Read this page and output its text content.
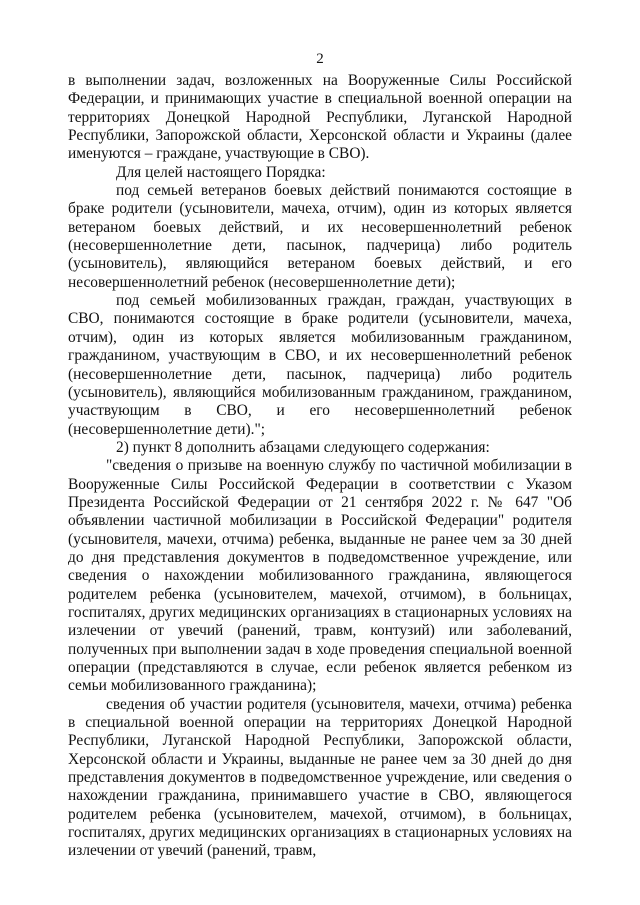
2

в выполнении задач, возложенных на Вооруженные Силы Российской Федерации, и принимающих участие в специальной военной операции на территориях Донецкой Народной Республики, Луганской Народной Республики, Запорожской области, Херсонской области и Украины (далее именуются – граждане, участвующие в СВО).

Для целей настоящего Порядка:

под семьей ветеранов боевых действий понимаются состоящие в браке родители (усыновители, мачеха, отчим), один из которых является ветераном боевых действий, и их несовершеннолетний ребенок (несовершеннолетние дети, пасынок, падчерица) либо родитель (усыновитель), являющийся ветераном боевых действий, и его несовершеннолетний ребенок (несовершеннолетние дети);

под семьей мобилизованных граждан, граждан, участвующих в СВО, понимаются состоящие в браке родители (усыновители, мачеха, отчим), один из которых является мобилизованным гражданином, гражданином, участвующим в СВО, и их несовершеннолетний ребенок (несовершеннолетние дети, пасынок, падчерица) либо родитель (усыновитель), являющийся мобилизованным гражданином, гражданином, участвующим в СВО, и его несовершеннолетний ребенок (несовершеннолетние дети).";

2) пункт 8 дополнить абзацами следующего содержания:

"сведения о призыве на военную службу по частичной мобилизации в Вооруженные Силы Российской Федерации в соответствии с Указом Президента Российской Федерации от 21 сентября 2022 г. № 647 "Об объявлении частичной мобилизации в Российской Федерации" родителя (усыновителя, мачехи, отчима) ребенка, выданные не ранее чем за 30 дней до дня представления документов в подведомственное учреждение, или сведения о нахождении мобилизованного гражданина, являющегося родителем ребенка (усыновителем, мачехой, отчимом), в больницах, госпиталях, других медицинских организациях в стационарных условиях на излечении от увечий (ранений, травм, контузий) или заболеваний, полученных при выполнении задач в ходе проведения специальной военной операции (представляются в случае, если ребенок является ребенком из семьи мобилизованного гражданина);

сведения об участии родителя (усыновителя, мачехи, отчима) ребенка в специальной военной операции на территориях Донецкой Народной Республики, Луганской Народной Республики, Запорожской области, Херсонской области и Украины, выданные не ранее чем за 30 дней до дня представления документов в подведомственное учреждение, или сведения о нахождении гражданина, принимавшего участие в СВО, являющегося родителем ребенка (усыновителем, мачехой, отчимом), в больницах, госпиталях, других медицинских организациях в стационарных условиях на излечении от увечий (ранений, травм,
